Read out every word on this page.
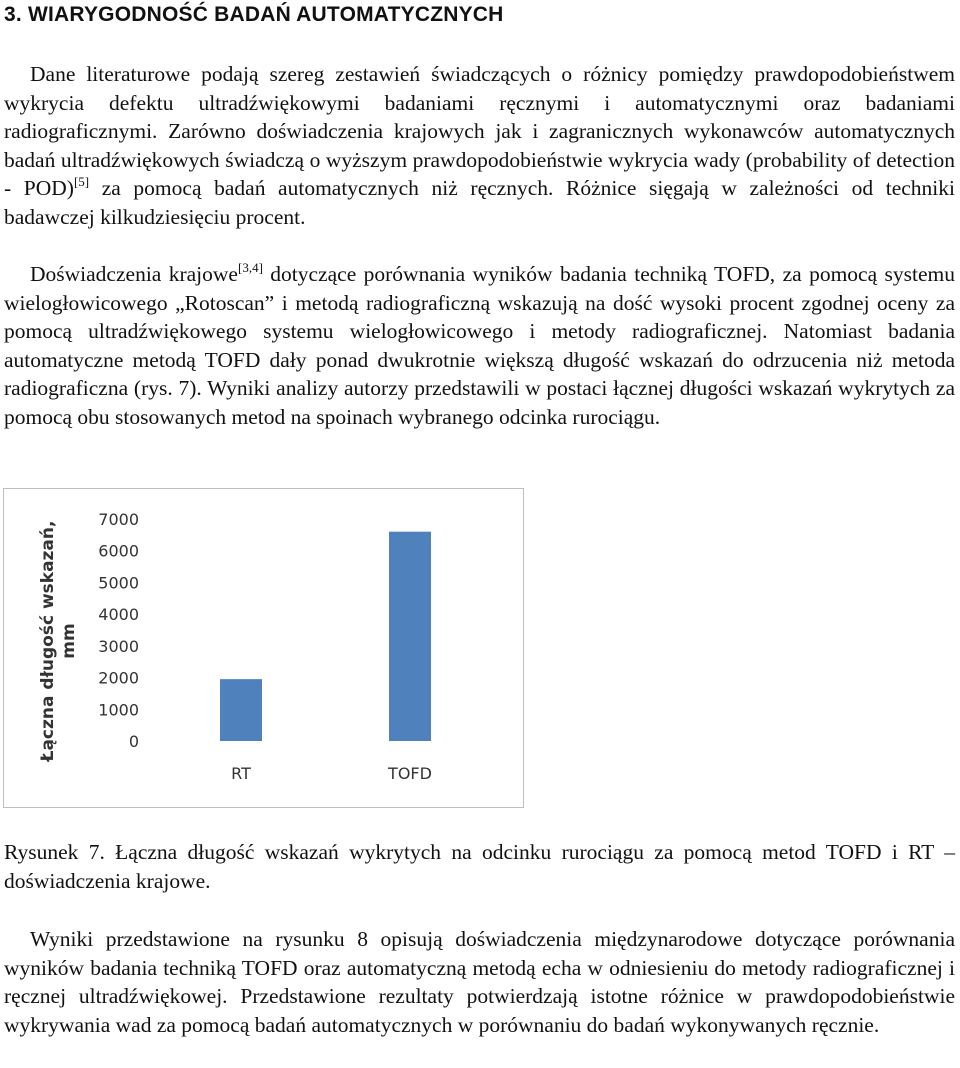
3. WIARYGODNOŚĆ BADAŃ AUTOMATYCZNYCH

Dane literaturowe podają szereg zestawień świadczących o różnicy pomiędzy prawdopodobieństwem wykrycia defektu ultradźwiękowymi badaniami ręcznymi i automatycznymi oraz badaniami radiograficznymi. Zarówno doświadczenia krajowych jak i zagranicznych wykonawców automatycznych badań ultradźwiękowych świadczą o wyższym prawdopodobieństwie wykrycia wady (probability of detection - POD)[5] za pomocą badań automatycznych niż ręcznych. Różnice sięgają w zależności od techniki badawczej kilkudziesięciu procent.

Doświadczenia krajowe[3,4] dotyczące porównania wyników badania techniką TOFD, za pomocą systemu wielogłowicowego „Rotoscan” i metodą radiograficzną wskazują na dość wysoki procent zgodnej oceny za pomocą ultradźwiękowego systemu wielogłowicowego i metody radiograficznej. Natomiast badania automatyczne metodą TOFD dały ponad dwukrotnie większą długość wskazań do odrzucenia niż metoda radiograficzna (rys. 7). Wyniki analizy autorzy przedstawili w postaci łącznej długości wskazań wykrytych za pomocą obu stosowanych metod na spoinach wybranego odcinka rurociągu.

Łączna długość wskazań, mm
0
1000
2000
3000
4000
5000
6000
7000
RT	TOFD

Rysunek 7. Łączna długość wskazań wykrytych na odcinku rurociągu za pomocą metod TOFD i RT – doświadczenia krajowe.

Wyniki przedstawione na rysunku 8 opisują doświadczenia międzynarodowe dotyczące porównania wyników badania techniką TOFD oraz automatyczną metodą echa w odniesieniu do metody radiograficznej i ręcznej ultradźwiękowej. Przedstawione rezultaty potwierdzają istotne różnice w prawdopodobieństwie wykrywania wad za pomocą badań automatycznych w porównaniu do badań wykonywanych ręcznie.
